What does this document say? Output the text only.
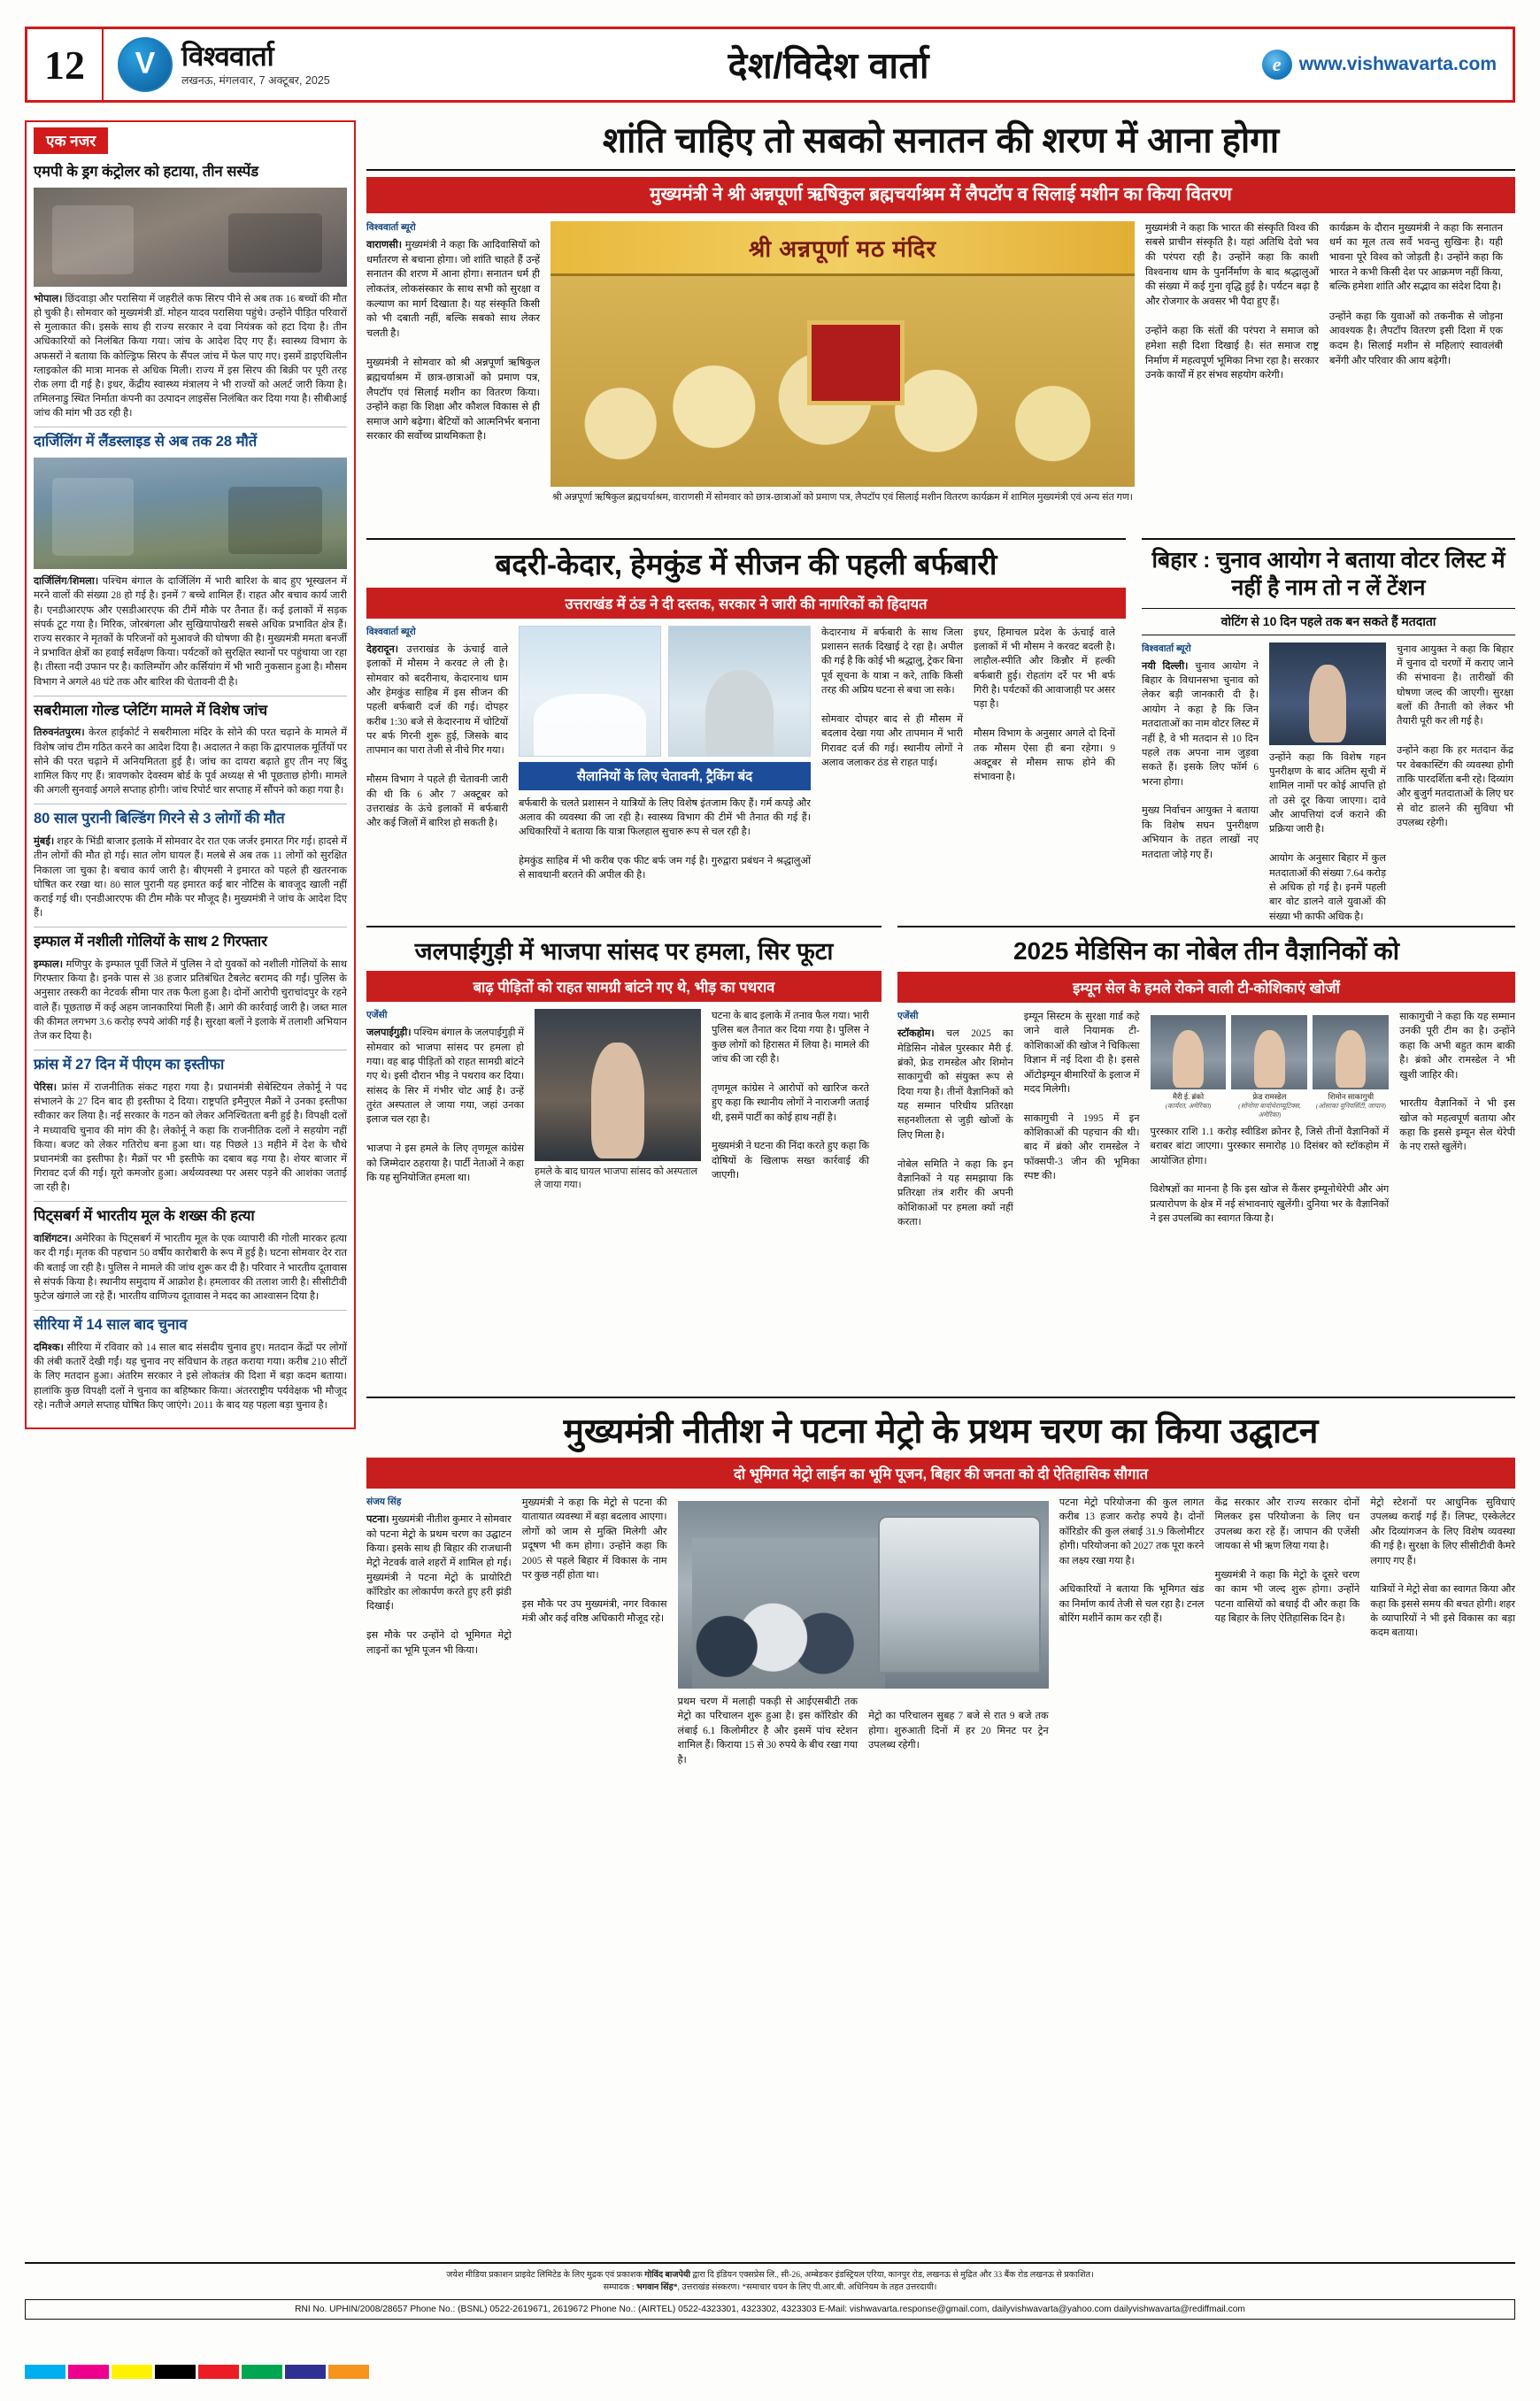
12 V	विश्ववार्ता
लखनऊ, मंगलवार, 7 अक्टूबर, 2025	देश/विदेश वार्ता e	www.vishwavarta.com
एक नजर
एमपी के ड्रग कंट्रोलर को हटाया, तीन सस्पेंड
भोपाल। छिंदवाड़ा और परासिया में जहरीले कफ सिरप पीने से अब तक 16 बच्चों की मौत हो चुकी है। सोमवार को मुख्यमंत्री डॉ. मोहन यादव परासिया पहुंचे। उन्होंने पीड़ित परिवारों से मुलाकात की। इसके साथ ही राज्य सरकार ने दवा नियंत्रक को हटा दिया है। तीन अधिकारियों को निलंबित किया गया। जांच के आदेश दिए गए हैं। स्वास्थ्य विभाग के अफसरों ने बताया कि कोल्ड्रिफ सिरप के सैंपल जांच में फेल पाए गए। इसमें डाइएथिलीन ग्लाइकोल की मात्रा मानक से अधिक मिली। राज्य में इस सिरप की बिक्री पर पूरी तरह रोक लगा दी गई है। इधर, केंद्रीय स्वास्थ्य मंत्रालय ने भी राज्यों को अलर्ट जारी किया है। तमिलनाडु स्थित निर्माता कंपनी का उत्पादन लाइसेंस निलंबित कर दिया गया है। सीबीआई जांच की मांग भी उठ रही है।
दार्जिलिंग में लैंडस्लाइड से अब तक 28 मौतें
दार्जिलिंग/शिमला। पश्चिम बंगाल के दार्जिलिंग में भारी बारिश के बाद हुए भूस्खलन में मरने वालों की संख्या 28 हो गई है। इनमें 7 बच्चे शामिल हैं। राहत और बचाव कार्य जारी है। एनडीआरएफ और एसडीआरएफ की टीमें मौके पर तैनात हैं। कई इलाकों में सड़क संपर्क टूट गया है। मिरिक, जोरबंगला और सुखियापोखरी सबसे अधिक प्रभावित क्षेत्र हैं। राज्य सरकार ने मृतकों के परिजनों को मुआवजे की घोषणा की है। मुख्यमंत्री ममता बनर्जी ने प्रभावित क्षेत्रों का हवाई सर्वेक्षण किया। पर्यटकों को सुरक्षित स्थानों पर पहुंचाया जा रहा है। तीस्ता नदी उफान पर है। कालिम्पोंग और कर्सियांग में भी भारी नुकसान हुआ है। मौसम विभाग ने अगले 48 घंटे तक और बारिश की चेतावनी दी है।
सबरीमाला गोल्ड प्लेटिंग मामले में विशेष जांच
तिरुवनंतपुरम। केरल हाईकोर्ट ने सबरीमाला मंदिर के सोने की परत चढ़ाने के मामले में विशेष जांच टीम गठित करने का आदेश दिया है। अदालत ने कहा कि द्वारपालक मूर्तियों पर सोने की परत चढ़ाने में अनियमितता हुई है। जांच का दायरा बढ़ाते हुए तीन नए बिंदु शामिल किए गए हैं। त्रावणकोर देवस्वम बोर्ड के पूर्व अध्यक्ष से भी पूछताछ होगी। मामले की अगली सुनवाई अगले सप्ताह होगी। जांच रिपोर्ट चार सप्ताह में सौंपने को कहा गया है।
80 साल पुरानी बिल्डिंग गिरने से 3 लोगों की मौत
मुंबई। शहर के भिंडी बाजार इलाके में सोमवार देर रात एक जर्जर इमारत गिर गई। हादसे में तीन लोगों की मौत हो गई। सात लोग घायल हैं। मलबे से अब तक 11 लोगों को सुरक्षित निकाला जा चुका है। बचाव कार्य जारी है। बीएमसी ने इमारत को पहले ही खतरनाक घोषित कर रखा था। 80 साल पुरानी यह इमारत कई बार नोटिस के बावजूद खाली नहीं कराई गई थी। एनडीआरएफ की टीम मौके पर मौजूद है। मुख्यमंत्री ने जांच के आदेश दिए हैं।
इम्फाल में नशीली गोलियों के साथ 2 गिरफ्तार
इम्फाल। मणिपुर के इम्फाल पूर्वी जिले में पुलिस ने दो युवकों को नशीली गोलियों के साथ गिरफ्तार किया है। इनके पास से 38 हजार प्रतिबंधित टैबलेट बरामद की गईं। पुलिस के अनुसार तस्करी का नेटवर्क सीमा पार तक फैला हुआ है। दोनों आरोपी चुराचांदपुर के रहने वाले हैं। पूछताछ में कई अहम जानकारियां मिली हैं। आगे की कार्रवाई जारी है। जब्त माल की कीमत लगभग 3.6 करोड़ रुपये आंकी गई है। सुरक्षा बलों ने इलाके में तलाशी अभियान तेज कर दिया है।
फ्रांस में 27 दिन में पीएम का इस्तीफा
पेरिस। फ्रांस में राजनीतिक संकट गहरा गया है। प्रधानमंत्री सेबेस्टियन लेकोर्नू ने पद संभालने के 27 दिन बाद ही इस्तीफा दे दिया। राष्ट्रपति इमैनुएल मैक्रों ने उनका इस्तीफा स्वीकार कर लिया है। नई सरकार के गठन को लेकर अनिश्चितता बनी हुई है। विपक्षी दलों ने मध्यावधि चुनाव की मांग की है। लेकोर्नू ने कहा कि राजनीतिक दलों ने सहयोग नहीं किया। बजट को लेकर गतिरोध बना हुआ था। यह पिछले 13 महीने में देश के चौथे प्रधानमंत्री का इस्तीफा है। मैक्रों पर भी इस्तीफे का दबाव बढ़ गया है। शेयर बाजार में गिरावट दर्ज की गई। यूरो कमजोर हुआ। अर्थव्यवस्था पर असर पड़ने की आशंका जताई जा रही है।
पिट्सबर्ग में भारतीय मूल के शख्स की हत्या
वाशिंगटन। अमेरिका के पिट्सबर्ग में भारतीय मूल के एक व्यापारी की गोली मारकर हत्या कर दी गई। मृतक की पहचान 50 वर्षीय कारोबारी के रूप में हुई है। घटना सोमवार देर रात की बताई जा रही है। पुलिस ने मामले की जांच शुरू कर दी है। परिवार ने भारतीय दूतावास से संपर्क किया है। स्थानीय समुदाय में आक्रोश है। हमलावर की तलाश जारी है। सीसीटीवी फुटेज खंगाले जा रहे हैं। भारतीय वाणिज्य दूतावास ने मदद का आश्वासन दिया है।
सीरिया में 14 साल बाद चुनाव
दमिश्क। सीरिया में रविवार को 14 साल बाद संसदीय चुनाव हुए। मतदान केंद्रों पर लोगों की लंबी कतारें देखी गईं। यह चुनाव नए संविधान के तहत कराया गया। करीब 210 सीटों के लिए मतदान हुआ। अंतरिम सरकार ने इसे लोकतंत्र की दिशा में बड़ा कदम बताया। हालांकि कुछ विपक्षी दलों ने चुनाव का बहिष्कार किया। अंतरराष्ट्रीय पर्यवेक्षक भी मौजूद रहे। नतीजे अगले सप्ताह घोषित किए जाएंगे। 2011 के बाद यह पहला बड़ा चुनाव है।
शांति चाहिए तो सबको सनातन की शरण में आना होगा
मुख्यमंत्री ने श्री अन्नपूर्णा ऋषिकुल ब्रह्मचर्याश्रम में लैपटॉप व सिलाई मशीन का किया वितरण
विश्ववार्ता ब्यूरो
वाराणसी। मुख्यमंत्री ने कहा कि आदिवासियों को धर्मांतरण से बचाना होगा। जो शांति चाहते हैं उन्हें सनातन की शरण में आना होगा। सनातन धर्म ही लोकतंत्र, लोकसंस्कार के साथ सभी को सुरक्षा व कल्याण का मार्ग दिखाता है। यह संस्कृति किसी को भी दबाती नहीं, बल्कि सबको साथ लेकर चलती है।

मुख्यमंत्री ने सोमवार को श्री अन्नपूर्णा ऋषिकुल ब्रह्मचर्याश्रम में छात्र-छात्राओं को प्रमाण पत्र, लैपटॉप एवं सिलाई मशीन का वितरण किया। उन्होंने कहा कि शिक्षा और कौशल विकास से ही समाज आगे बढ़ेगा। बेटियों को आत्मनिर्भर बनाना सरकार की सर्वोच्च प्राथमिकता है।
श्री अन्नपूर्णा मठ मंदिर
श्री अन्नपूर्णा ऋषिकुल ब्रह्मचर्याश्रम, वाराणसी में सोमवार को छात्र-छात्राओं को प्रमाण पत्र, लैपटॉप एवं सिलाई मशीन वितरण कार्यक्रम में शामिल मुख्यमंत्री एवं अन्य संत गण।
मुख्यमंत्री ने कहा कि भारत की संस्कृति विश्व की सबसे प्राचीन संस्कृति है। यहां अतिथि देवो भव की परंपरा रही है। उन्होंने कहा कि काशी विश्वनाथ धाम के पुनर्निर्माण के बाद श्रद्धालुओं की संख्या में कई गुना वृद्धि हुई है। पर्यटन बढ़ा है और रोजगार के अवसर भी पैदा हुए हैं।

उन्होंने कहा कि संतों की परंपरा ने समाज को हमेशा सही दिशा दिखाई है। संत समाज राष्ट्र निर्माण में महत्वपूर्ण भूमिका निभा रहा है। सरकार उनके कार्यों में हर संभव सहयोग करेगी।
कार्यक्रम के दौरान मुख्यमंत्री ने कहा कि सनातन धर्म का मूल तत्व सर्वे भवन्तु सुखिनः है। यही भावना पूरे विश्व को जोड़ती है। उन्होंने कहा कि भारत ने कभी किसी देश पर आक्रमण नहीं किया, बल्कि हमेशा शांति और सद्भाव का संदेश दिया है।

उन्होंने कहा कि युवाओं को तकनीक से जोड़ना आवश्यक है। लैपटॉप वितरण इसी दिशा में एक कदम है। सिलाई मशीन से महिलाएं स्वावलंबी बनेंगी और परिवार की आय बढ़ेगी।
बदरी-केदार, हेमकुंड में सीजन की पहली बर्फबारी
उत्तराखंड में ठंड ने दी दस्तक, सरकार ने जारी की नागरिकों को हिदायत
विश्ववार्ता ब्यूरो
देहरादून। उत्तराखंड के ऊंचाई वाले इलाकों में मौसम ने करवट ले ली है। सोमवार को बदरीनाथ, केदारनाथ धाम और हेमकुंड साहिब में इस सीजन की पहली बर्फबारी दर्ज की गई। दोपहर करीब 1:30 बजे से केदारनाथ में चोटियों पर बर्फ गिरनी शुरू हुई, जिसके बाद तापमान का पारा तेजी से नीचे गिर गया।

मौसम विभाग ने पहले ही चेतावनी जारी की थी कि 6 और 7 अक्टूबर को उत्तराखंड के ऊंचे इलाकों में बर्फबारी और कई जिलों में बारिश हो सकती है।
सैलानियों के लिए चेतावनी, ट्रैकिंग बंद
बर्फबारी के चलते प्रशासन ने यात्रियों के लिए विशेष इंतजाम किए हैं। गर्म कपड़े और अलाव की व्यवस्था की जा रही है। स्वास्थ्य विभाग की टीमें भी तैनात की गई हैं। अधिकारियों ने बताया कि यात्रा फिलहाल सुचारु रूप से चल रही है।

हेमकुंड साहिब में भी करीब एक फीट बर्फ जम गई है। गुरुद्वारा प्रबंधन ने श्रद्धालुओं से सावधानी बरतने की अपील की है।
केदारनाथ में बर्फबारी के साथ जिला प्रशासन सतर्क दिखाई दे रहा है। अपील की गई है कि कोई भी श्रद्धालु, ट्रेकर बिना पूर्व सूचना के यात्रा न करे, ताकि किसी तरह की अप्रिय घटना से बचा जा सके।

सोमवार दोपहर बाद से ही मौसम में बदलाव देखा गया और तापमान में भारी गिरावट दर्ज की गई। स्थानीय लोगों ने अलाव जलाकर ठंड से राहत पाई।
इधर, हिमाचल प्रदेश के ऊंचाई वाले इलाकों में भी मौसम ने करवट बदली है। लाहौल-स्पीति और किन्नौर में हल्की बर्फबारी हुई। रोहतांग दर्रे पर भी बर्फ गिरी है। पर्यटकों की आवाजाही पर असर पड़ा है।

मौसम विभाग के अनुसार अगले दो दिनों तक मौसम ऐसा ही बना रहेगा। 9 अक्टूबर से मौसम साफ होने की संभावना है।
बिहार : चुनाव आयोग ने बताया वोटर लिस्ट में नहीं है नाम तो न लें टेंशन
वोटिंग से 10 दिन पहले तक बन सकते हैं मतदाता
विश्ववार्ता ब्यूरो
नयी दिल्ली। चुनाव आयोग ने बिहार के विधानसभा चुनाव को लेकर बड़ी जानकारी दी है। आयोग ने कहा है कि जिन मतदाताओं का नाम वोटर लिस्ट में नहीं है, वे भी मतदान से 10 दिन पहले तक अपना नाम जुड़वा सकते हैं। इसके लिए फॉर्म 6 भरना होगा।

मुख्य निर्वाचन आयुक्त ने बताया कि विशेष सघन पुनरीक्षण अभियान के तहत लाखों नए मतदाता जोड़े गए हैं।
उन्होंने कहा कि विशेष गहन पुनरीक्षण के बाद अंतिम सूची में शामिल नामों पर कोई आपत्ति हो तो उसे दूर किया जाएगा। दावे और आपत्तियां दर्ज कराने की प्रक्रिया जारी है।

आयोग के अनुसार बिहार में कुल मतदाताओं की संख्या 7.64 करोड़ से अधिक हो गई है। इनमें पहली बार वोट डालने वाले युवाओं की संख्या भी काफी अधिक है।
चुनाव आयुक्त ने कहा कि बिहार में चुनाव दो चरणों में कराए जाने की संभावना है। तारीखों की घोषणा जल्द की जाएगी। सुरक्षा बलों की तैनाती को लेकर भी तैयारी पूरी कर ली गई है।

उन्होंने कहा कि हर मतदान केंद्र पर वेबकास्टिंग की व्यवस्था होगी ताकि पारदर्शिता बनी रहे। दिव्यांग और बुजुर्ग मतदाताओं के लिए घर से वोट डालने की सुविधा भी उपलब्ध रहेगी।
जलपाईगुड़ी में भाजपा सांसद पर हमला, सिर फूटा
बाढ़ पीड़ितों को राहत सामग्री बांटने गए थे, भीड़ का पथराव
एजेंसी
जलपाईगुड़ी। पश्चिम बंगाल के जलपाईगुड़ी में सोमवार को भाजपा सांसद पर हमला हो गया। वह बाढ़ पीड़ितों को राहत सामग्री बांटने गए थे। इसी दौरान भीड़ ने पथराव कर दिया। सांसद के सिर में गंभीर चोट आई है। उन्हें तुरंत अस्पताल ले जाया गया, जहां उनका इलाज चल रहा है।

भाजपा ने इस हमले के लिए तृणमूल कांग्रेस को जिम्मेदार ठहराया है। पार्टी नेताओं ने कहा कि यह सुनियोजित हमला था।
हमले के बाद घायल भाजपा सांसद को अस्पताल ले जाया गया।
घटना के बाद इलाके में तनाव फैल गया। भारी पुलिस बल तैनात कर दिया गया है। पुलिस ने कुछ लोगों को हिरासत में लिया है। मामले की जांच की जा रही है।

तृणमूल कांग्रेस ने आरोपों को खारिज करते हुए कहा कि स्थानीय लोगों ने नाराजगी जताई थी, इसमें पार्टी का कोई हाथ नहीं है।

मुख्यमंत्री ने घटना की निंदा करते हुए कहा कि दोषियों के खिलाफ सख्त कार्रवाई की जाएगी।
2025 मेडिसिन का नोबेल तीन वैज्ञानिकों को
इम्यून सेल के हमले रोकने वाली टी-कोशिकाएं खोजीं
एजेंसी
स्टॉकहोम। चल 2025 का मेडिसिन नोबेल पुरस्कार मैरी ई. ब्रंको, फ्रेड रामस्डेल और शिमोन साकागुची को संयुक्त रूप से दिया गया है। तीनों वैज्ञानिकों को यह सम्मान परिधीय प्रतिरक्षा सहनशीलता से जुड़ी खोजों के लिए मिला है।

नोबेल समिति ने कहा कि इन वैज्ञानिकों ने यह समझाया कि प्रतिरक्षा तंत्र शरीर की अपनी कोशिकाओं पर हमला क्यों नहीं करता।
इम्यून सिस्टम के सुरक्षा गार्ड कहे जाने वाले नियामक टी-कोशिकाओं की खोज ने चिकित्सा विज्ञान में नई दिशा दी है। इससे ऑटोइम्यून बीमारियों के इलाज में मदद मिलेगी।

साकागुची ने 1995 में इन कोशिकाओं की पहचान की थी। बाद में ब्रंको और रामस्डेल ने फॉक्सपी-3 जीन की भूमिका स्पष्ट की।
मैरी ई. ब्रंको
(कार्यरत, अमेरिका)
फ्रेड रामस्डेल
(सोनोमा बायोथेराप्यूटिक्स, अमेरिका)
शिमोन साकागुची
(ओसाका यूनिवर्सिटी, जापान)
पुरस्कार राशि 1.1 करोड़ स्वीडिश क्रोनर है, जिसे तीनों वैज्ञानिकों में बराबर बांटा जाएगा। पुरस्कार समारोह 10 दिसंबर को स्टॉकहोम में आयोजित होगा।

विशेषज्ञों का मानना है कि इस खोज से कैंसर इम्यूनोथेरेपी और अंग प्रत्यारोपण के क्षेत्र में नई संभावनाएं खुलेंगी। दुनिया भर के वैज्ञानिकों ने इस उपलब्धि का स्वागत किया है।
साकागुची ने कहा कि यह सम्मान उनकी पूरी टीम का है। उन्होंने कहा कि अभी बहुत काम बाकी है। ब्रंको और रामस्डेल ने भी खुशी जाहिर की।

भारतीय वैज्ञानिकों ने भी इस खोज को महत्वपूर्ण बताया और कहा कि इससे इम्यून सेल थेरेपी के नए रास्ते खुलेंगे।
मुख्यमंत्री नीतीश ने पटना मेट्रो के प्रथम चरण का किया उद्घाटन
दो भूमिगत मेट्रो लाईन का भूमि पूजन, बिहार की जनता को दी ऐतिहासिक सौगात
संजय सिंह
पटना। मुख्यमंत्री नीतीश कुमार ने सोमवार को पटना मेट्रो के प्रथम चरण का उद्घाटन किया। इसके साथ ही बिहार की राजधानी मेट्रो नेटवर्क वाले शहरों में शामिल हो गई। मुख्यमंत्री ने पटना मेट्रो के प्रायोरिटी कॉरिडोर का लोकार्पण करते हुए हरी झंडी दिखाई।

इस मौके पर उन्होंने दो भूमिगत मेट्रो लाइनों का भूमि पूजन भी किया।
मुख्यमंत्री ने कहा कि मेट्रो से पटना की यातायात व्यवस्था में बड़ा बदलाव आएगा। लोगों को जाम से मुक्ति मिलेगी और प्रदूषण भी कम होगा। उन्होंने कहा कि 2005 से पहले बिहार में विकास के नाम पर कुछ नहीं होता था।

इस मौके पर उप मुख्यमंत्री, नगर विकास मंत्री और कई वरिष्ठ अधिकारी मौजूद रहे।
प्रथम चरण में मलाही पकड़ी से आईएसबीटी तक मेट्रो का परिचालन शुरू हुआ है। इस कॉरिडोर की लंबाई 6.1 किलोमीटर है और इसमें पांच स्टेशन शामिल हैं। किराया 15 से 30 रुपये के बीच रखा गया है।

मेट्रो का परिचालन सुबह 7 बजे से रात 9 बजे तक होगा। शुरुआती दिनों में हर 20 मिनट पर ट्रेन उपलब्ध रहेगी।
पटना मेट्रो परियोजना की कुल लागत करीब 13 हजार करोड़ रुपये है। दोनों कॉरिडोर की कुल लंबाई 31.9 किलोमीटर होगी। परियोजना को 2027 तक पूरा करने का लक्ष्य रखा गया है।

अधिकारियों ने बताया कि भूमिगत खंड का निर्माण कार्य तेजी से चल रहा है। टनल बोरिंग मशीनें काम कर रही हैं।
केंद्र सरकार और राज्य सरकार दोनों मिलकर इस परियोजना के लिए धन उपलब्ध करा रहे हैं। जापान की एजेंसी जायका से भी ऋण लिया गया है।

मुख्यमंत्री ने कहा कि मेट्रो के दूसरे चरण का काम भी जल्द शुरू होगा। उन्होंने पटना वासियों को बधाई दी और कहा कि यह बिहार के लिए ऐतिहासिक दिन है।
मेट्रो स्टेशनों पर आधुनिक सुविधाएं उपलब्ध कराई गई हैं। लिफ्ट, एस्केलेटर और दिव्यांगजन के लिए विशेष व्यवस्था की गई है। सुरक्षा के लिए सीसीटीवी कैमरे लगाए गए हैं।

यात्रियों ने मेट्रो सेवा का स्वागत किया और कहा कि इससे समय की बचत होगी। शहर के व्यापारियों ने भी इसे विकास का बड़ा कदम बताया।
जयेश मीडिया प्रकाशन प्राइवेट लिमिटेड के लिए मुद्रक एवं प्रकाशक गोविंद बाजपेयी द्वारा दि इंडियन एक्सप्रेस लि., सी-26, अम्बेडकर इंडस्ट्रियल एरिया, कानपुर रोड, लखनऊ से मुद्रित और 33 बैंक रोड लखनऊ से प्रकाशित।
सम्पादक : भगवान सिंह*, उत्तराखंड संस्करण। *समाचार चयन के लिए पी.आर.बी. अधिनियम के तहत उत्तरदायी।
RNI No. UPHIN/2008/28657 Phone No.: (BSNL) 0522-2619671, 2619672 Phone No.: (AIRTEL) 0522-4323301, 4323302, 4323303 E-Mail: vishwavarta.response@gmail.com, dailyvishwavarta@yahoo.com dailyvishwavarta@rediffmail.com
